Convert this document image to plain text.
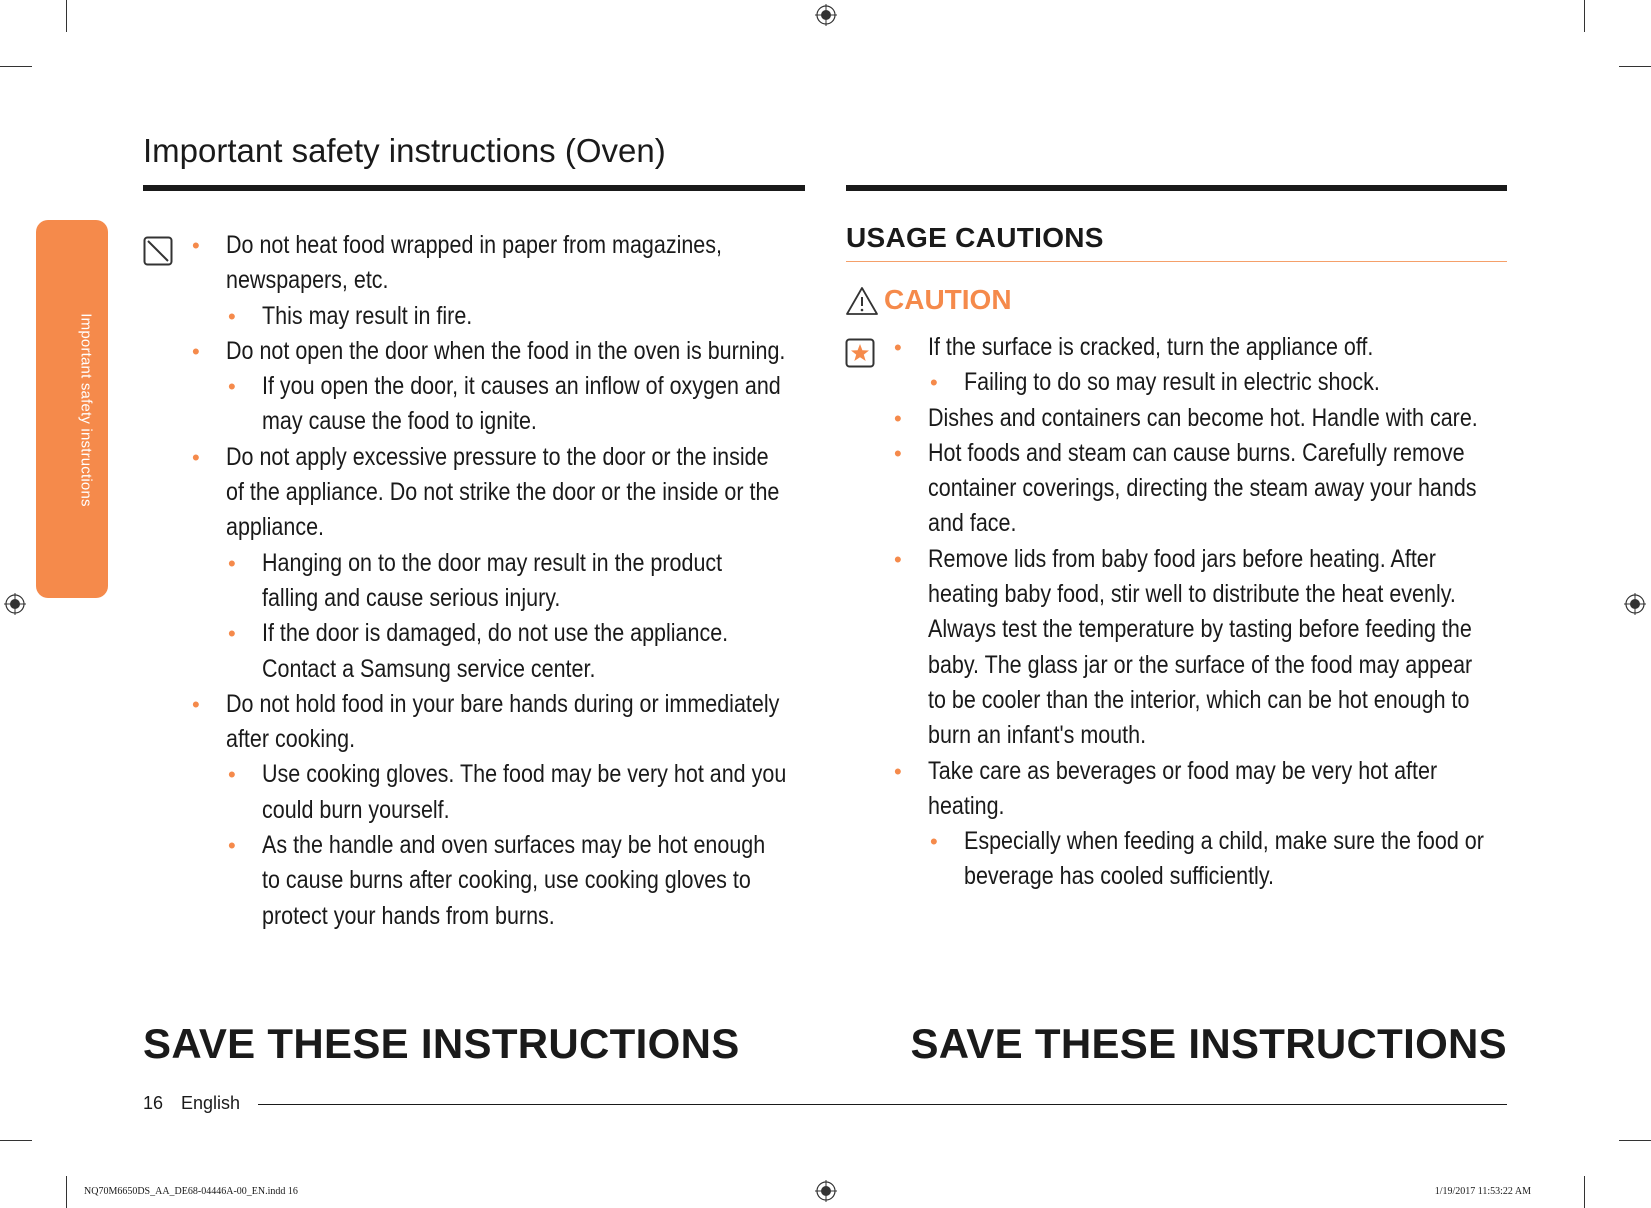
Important safety instructions (Oven)
Important safety instructions
• Do not heat food wrapped in paper from magazines,
newspapers, etc.
• This may result in fire.
• Do not open the door when the food in the oven is burning.
• If you open the door, it causes an inflow of oxygen and
may cause the food to ignite.
• Do not apply excessive pressure to the door or the inside
of the appliance. Do not strike the door or the inside or the
appliance.
• Hanging on to the door may result in the product
falling and cause serious injury.
• If the door is damaged, do not use the appliance.
Contact a Samsung service center.
• Do not hold food in your bare hands during or immediately
after cooking.
• Use cooking gloves. The food may be very hot and you
could burn yourself.
• As the handle and oven surfaces may be hot enough
to cause burns after cooking, use cooking gloves to
protect your hands from burns.
USAGE CAUTIONS
CAUTION
• If the surface is cracked, turn the appliance off.
• Failing to do so may result in electric shock.
• Dishes and containers can become hot. Handle with care.
• Hot foods and steam can cause burns. Carefully remove
container coverings, directing the steam away your hands
and face.
• Remove lids from baby food jars before heating. After
heating baby food, stir well to distribute the heat evenly.
Always test the temperature by tasting before feeding the
baby. The glass jar or the surface of the food may appear
to be cooler than the interior, which can be hot enough to
burn an infant's mouth.
• Take care as beverages or food may be very hot after
heating.
• Especially when feeding a child, make sure the food or
beverage has cooled sufficiently.
SAVE THESE INSTRUCTIONS	SAVE THESE INSTRUCTIONS
16 English
NQ70M6650DS_AA_DE68-04446A-00_EN.indd 16	1/19/2017 11:53:22 AM
